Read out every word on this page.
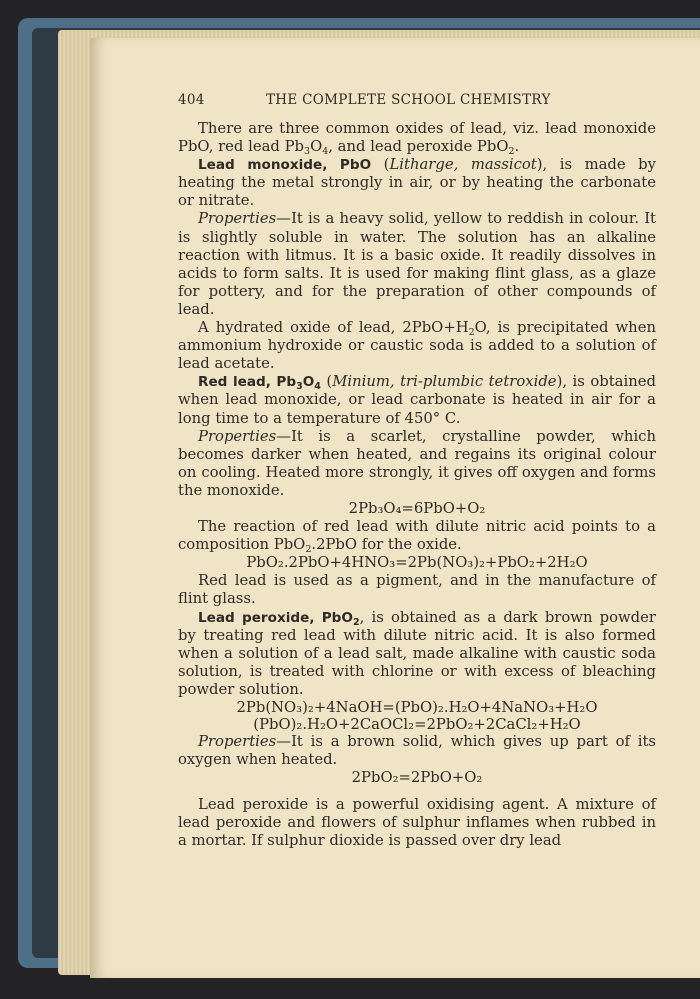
404	THE COMPLETE SCHOOL CHEMISTRY

There are three common oxides of lead, viz. lead monoxide PbO, red lead $Pb_3O_4$, and lead peroxide PbO$_2$.

Lead monoxide, PbO (Litharge, massicot), is made by heating the metal strongly in air, or by heating the carbonate or nitrate.

Properties—It is a heavy solid, yellow to reddish in colour. It is slightly soluble in water. The solution has an alkaline reaction with litmus. It is a basic oxide. It readily dissolves in acids to form salts. It is used for making flint glass, as a glaze for pottery, and for the preparation of other compounds of lead.

A hydrated oxide of lead, $2PbO+H_2O$, is precipitated when ammonium hydroxide or caustic soda is added to a solution of lead acetate.

Red lead, $Pb_3O_4$ (Minium, tri-plumbic tetroxide), is obtained when lead monoxide, or lead carbonate is heated in air for a long time to a temperature of 450° C.

Properties—It is a scarlet, crystalline powder, which becomes darker when heated, and regains its original colour on cooling. Heated more strongly, it gives off oxygen and forms the monoxide.

2Pb₃O₄=6PbO+O₂

The reaction of red lead with dilute nitric acid points to a composition PbO$_2$.2PbO for the oxide.

PbO₂.2PbO+4HNO₃=2Pb(NO₃)₂+PbO₂+2H₂O

Red lead is used as a pigment, and in the manufacture of flint glass.

Lead peroxide, PbO$_2$, is obtained as a dark brown powder by treating red lead with dilute nitric acid. It is also formed when a solution of a lead salt, made alkaline with caustic soda solution, is treated with chlorine or with excess of bleaching powder solution.

2Pb(NO₃)₂+4NaOH=(PbO)₂.H₂O+4NaNO₃+H₂O

(PbO)₂.H₂O+2CaOCl₂=2PbO₂+2CaCl₂+H₂O

Properties—It is a brown solid, which gives up part of its oxygen when heated.

2PbO₂=2PbO+O₂

Lead peroxide is a powerful oxidising agent. A mixture of lead peroxide and flowers of sulphur inflames when rubbed in a mortar. If sulphur dioxide is passed over dry lead
